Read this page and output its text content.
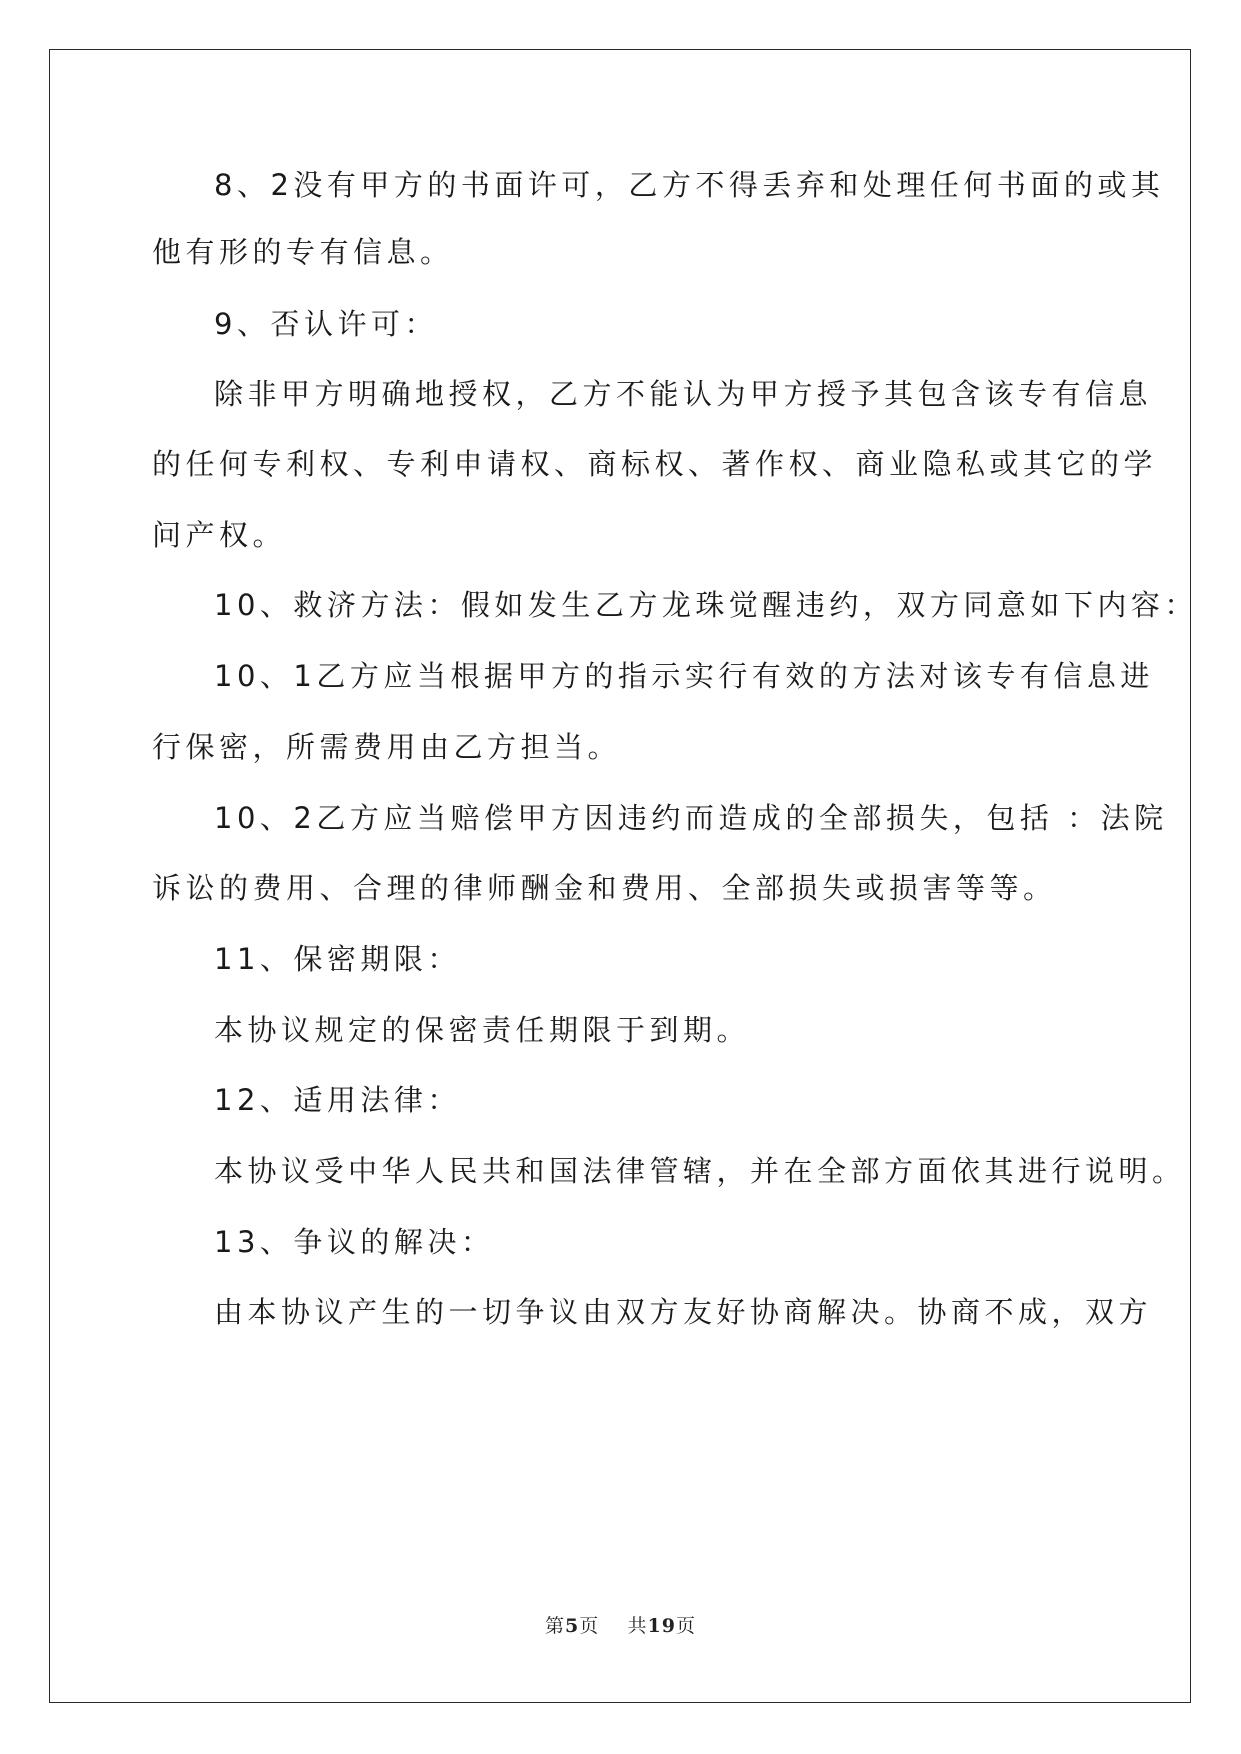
8、2没有甲方的书面许可，乙方不得丢弃和处理任何书面的或其
他有形的专有信息。
9、否认许可：
除非甲方明确地授权，乙方不能认为甲方授予其包含该专有信息
的任何专利权、专利申请权、商标权、著作权、商业隐私或其它的学
问产权。
10、救济方法：假如发生乙方龙珠觉醒违约，双方同意如下内容：
10、1乙方应当根据甲方的指示实行有效的方法对该专有信息进
行保密，所需费用由乙方担当。
10、2乙方应当赔偿甲方因违约而造成的全部损失，包括 ：法院
诉讼的费用、合理的律师酬金和费用、全部损失或损害等等。
11、保密期限：
本协议规定的保密责任期限于到期。
12、适用法律：
本协议受中华人民共和国法律管辖，并在全部方面依其进行说明。
13、争议的解决：
由本协议产生的一切争议由双方友好协商解决。协商不成，双方
第5页 共19页
